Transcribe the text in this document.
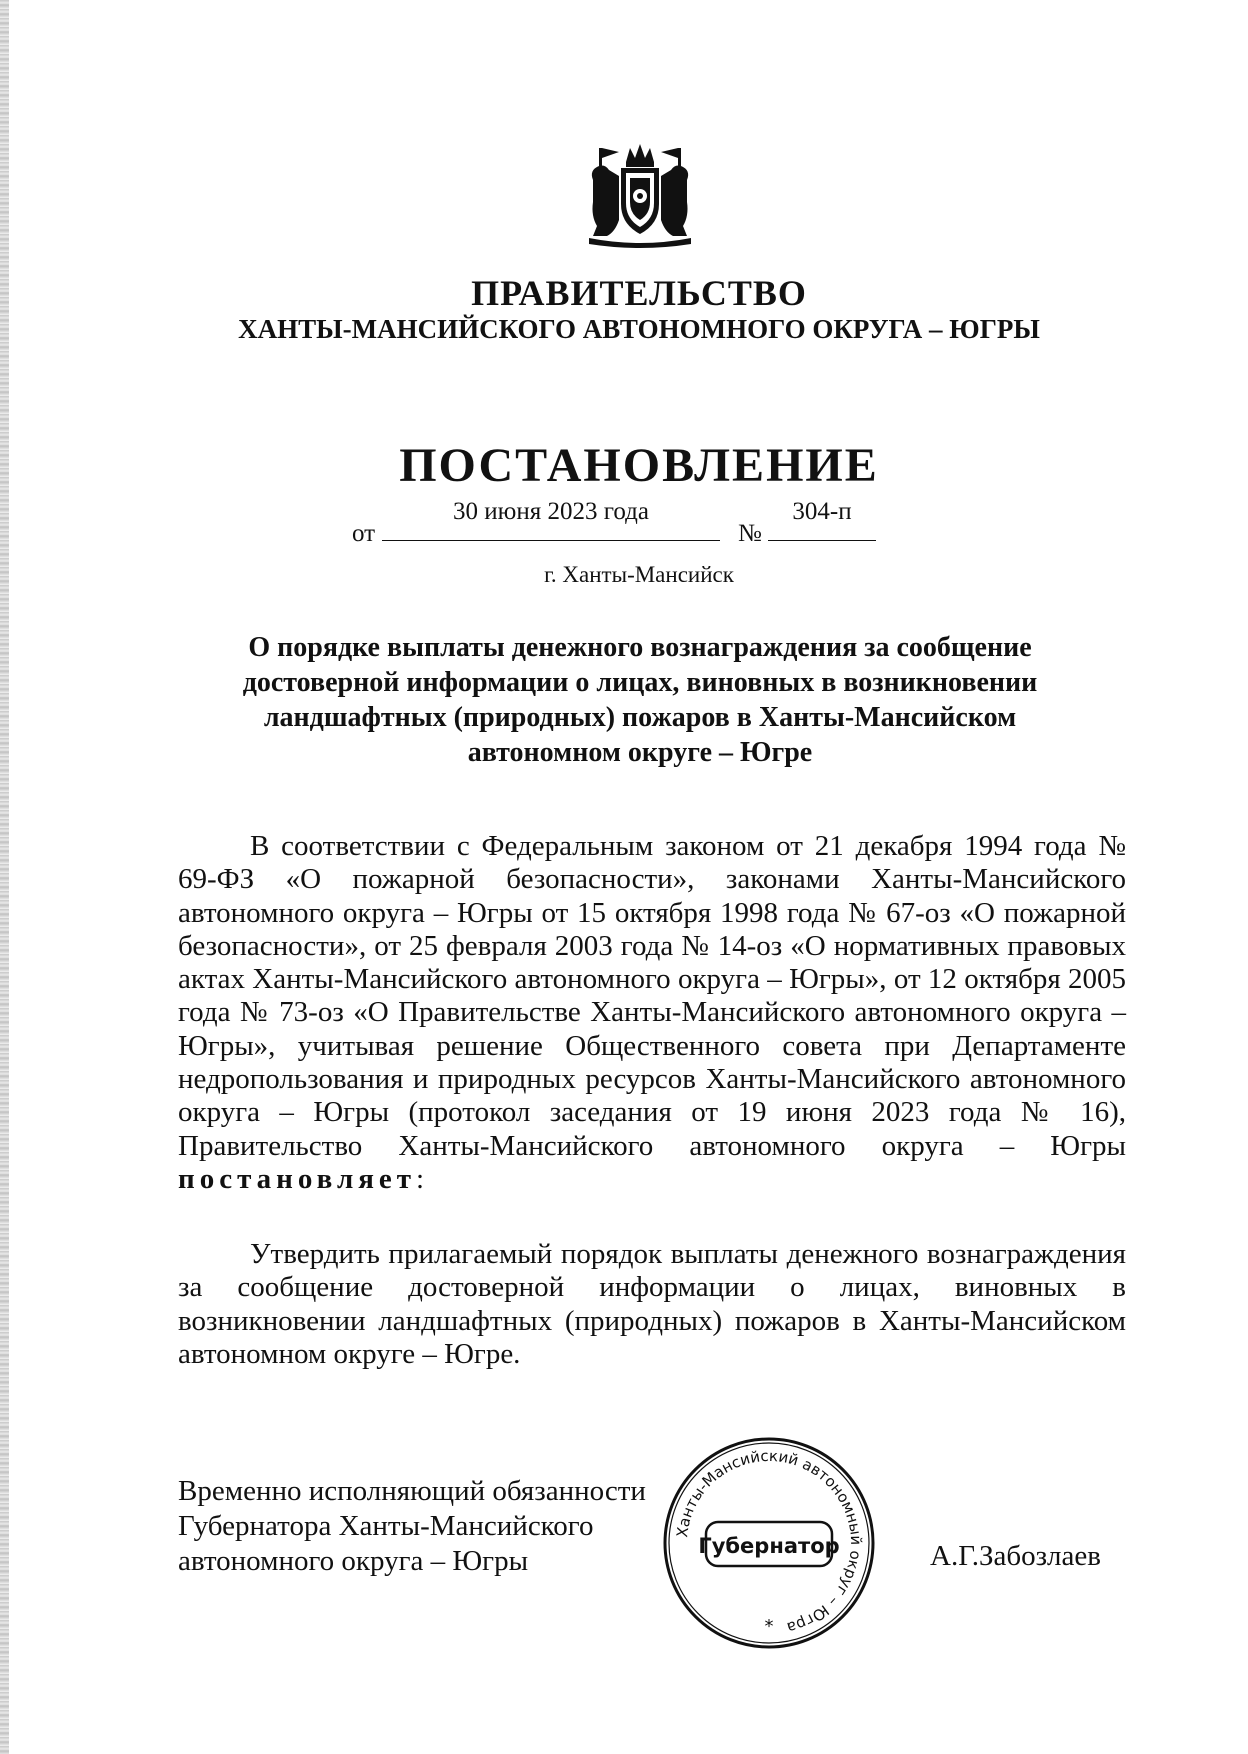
ПРАВИТЕЛЬСТВО
ХАНТЫ-МАНСИЙСКОГО АВТОНОМНОГО ОКРУГА – ЮГРЫ
ПОСТАНОВЛЕНИЕ
от
30 июня 2023 года
№
304-п
г. Ханты-Мансийск
О порядке выплаты денежного вознаграждения за сообщение
достоверной информации о лицах, виновных в возникновении
ландшафтных (природных) пожаров в Ханты-Мансийском
автономном округе – Югре

В соответствии с Федеральным законом от 21 декабря 1994 года № 69-ФЗ «О пожарной безопасности», законами Ханты-Мансийского автономного округа – Югры от 15 октября 1998 года № 67-оз «О пожарной безопасности», от 25 февраля 2003 года № 14-оз «О нормативных правовых актах Ханты-Мансийского автономного округа – Югры», от 12 октября 2005 года № 73-оз «О Правительстве Ханты-Мансийского автономного округа – Югры», учитывая решение Общественного совета при Департаменте недропользования и природных ресурсов Ханты-Мансийского автономного округа – Югры (протокол заседания от 19 июня 2023 года № 16), Правительство Ханты-Мансийского автономного округа – Югры постановляет:

Утвердить прилагаемый порядок выплаты денежного вознаграждения за сообщение достоверной информации о лицах, виновных в возникновении ландшафтных (природных) пожаров в Ханты-Мансийском автономном округе – Югре.

Временно исполняющий обязанности
Губернатора Ханты-Мансийского
автономного округа – Югры
Ханты-Мансийский автономный округ – Югра
Губернатор
*
А.Г.Забозлаев
